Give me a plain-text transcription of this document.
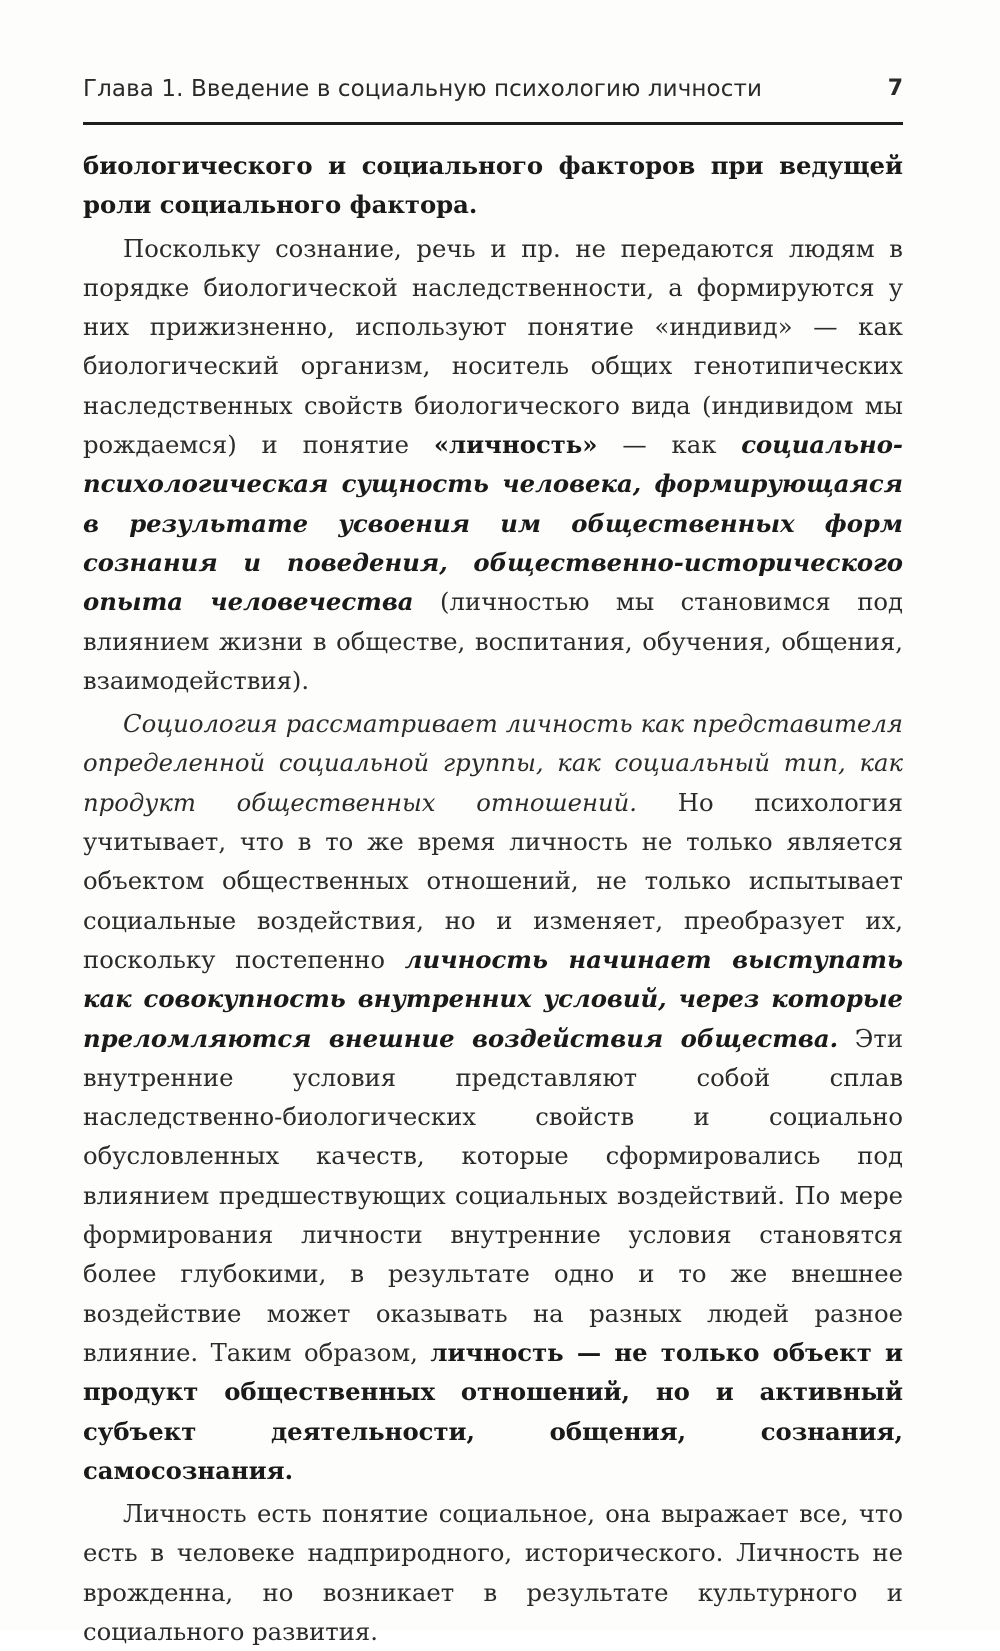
Глава 1. Введение в социальную психологию личности	7

биологического и социального факторов при ведущей роли социального фактора.

Поскольку сознание, речь и пр. не передаются людям в порядке биологической наследственности, а формируются у них прижизненно, используют понятие «индивид» — как биологический организм, носитель общих генотипических наследственных свойств биологического вида (индивидом мы рождаемся) и понятие «личность» — как социально-психологическая сущность человека, формирующаяся в результате усвоения им общественных форм сознания и поведения, общественно-исторического опыта человечества (личностью мы становимся под влиянием жизни в обществе, воспитания, обучения, общения, взаимодействия).

Социология рассматривает личность как представителя определенной социальной группы, как социальный тип, как продукт общественных отношений. Но психология учитывает, что в то же время личность не только является объектом общественных отношений, не только испытывает социальные воздействия, но и изменяет, преобразует их, поскольку постепенно личность начинает выступать как совокупность внутренних условий, через которые преломляются внешние воздействия общества. Эти внутренние условия представляют собой сплав наследственно-биологических свойств и социально обусловленных качеств, которые сформировались под влиянием предшествующих социальных воздействий. По мере формирования личности внутренние условия становятся более глубокими, в результате одно и то же внешнее воздействие может оказывать на разных людей разное влияние. Таким образом, личность — не только объект и продукт общественных отношений, но и активный субъект деятельности, общения, сознания, самосознания.

Личность есть понятие социальное, она выражает все, что есть в человеке надприродного, исторического. Личность не врожденна, но возникает в результате культурного и социального развития.
